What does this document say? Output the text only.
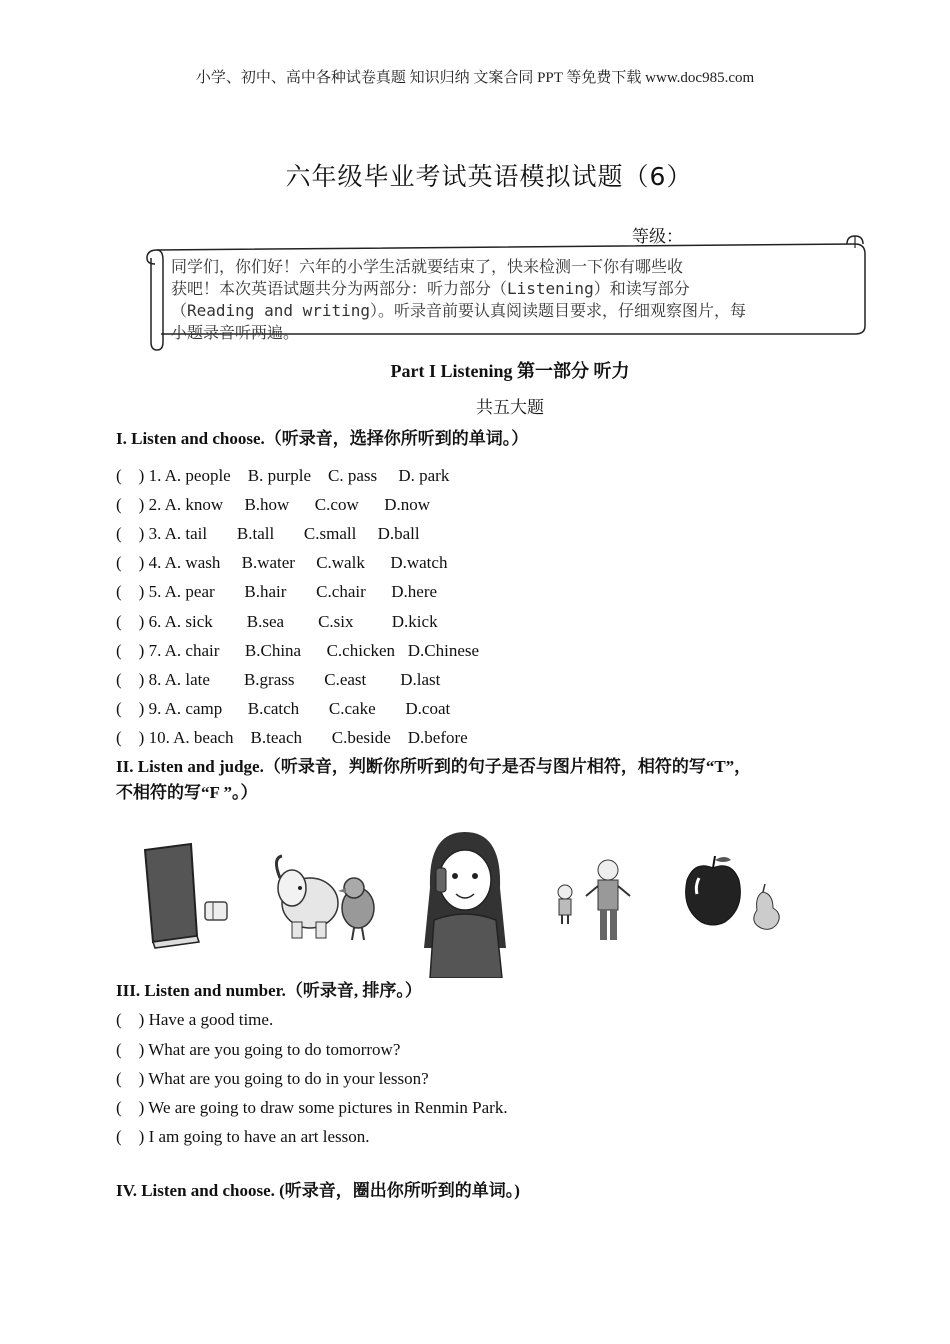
小学、初中、高中各种试卷真题 知识归纳 文案合同 PPT 等免费下载 www.doc985.com
六年级毕业考试英语模拟试题（6）
等级：
同学们，你们好！六年的小学生活就要结束了，快来检测一下你有哪些收
获吧！本次英语试题共分为两部分：听力部分（Listening）和读写部分
（Reading and writing）。听录音前要认真阅读题目要求，仔细观察图片，每
小题录音听两遍。
Part I Listening 第一部分 听力
共五大题
I. Listen and choose.（听录音，选择你所听到的单词。）
(    ) 1. A. people    B. purple    C. pass     D. park
(    ) 2. A. know     B.how      C.cow      D.now
(    ) 3. A. tail       B.tall       C.small     D.ball
(    ) 4. A. wash     B.water     C.walk      D.watch
(    ) 5. A. pear       B.hair       C.chair      D.here
(    ) 6. A. sick        B.sea        C.six         D.kick
(    ) 7. A. chair      B.China      C.chicken   D.Chinese
(    ) 8. A. late        B.grass       C.east        D.last
(    ) 9. A. camp      B.catch       C.cake       D.coat
(    ) 10. A. beach    B.teach       C.beside    D.before
II. Listen and judge.（听录音，判断你所听到的句子是否与图片相符，相符的写“T”，
不相符的写“F ”。）
III. Listen and number.（听录音, 排序。）
(    ) Have a good time.
(    ) What are you going to do tomorrow?
(    ) What are you going to do in your lesson?
(    ) We are going to draw some pictures in Renmin Park.
(    ) I am going to have an art lesson.
IV. Listen and choose. (听录音，圈出你所听到的单词。)
